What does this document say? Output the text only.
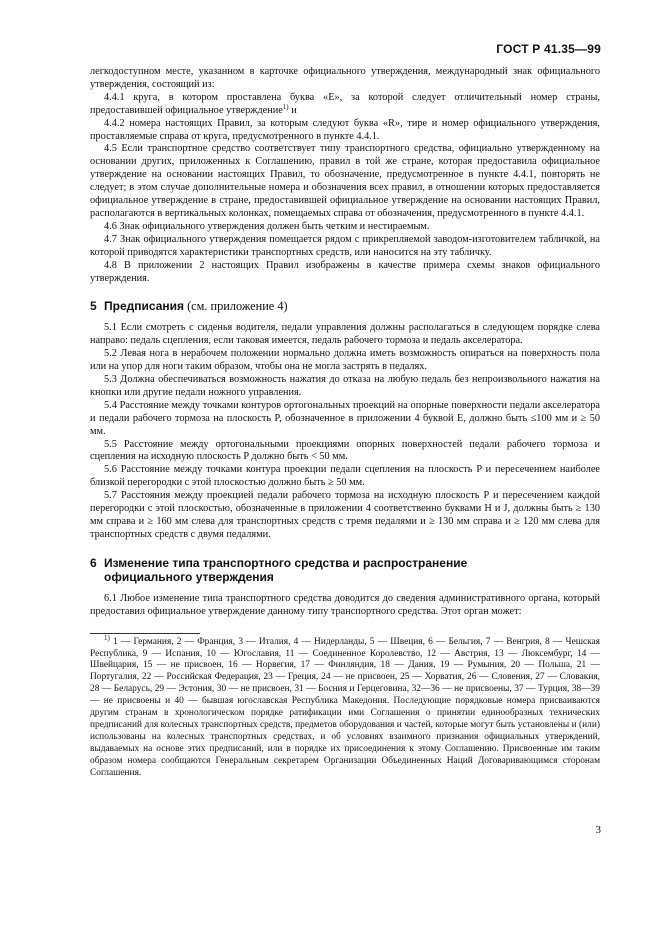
ГОСТ Р 41.35—99

легкодоступном месте, указанном в карточке официального утверждения, международный знак официального утверждения, состоящий из:

4.4.1 круга, в котором проставлена буква «E», за которой следует отличительный номер страны, предоставившей официальное утверждение$^{1)}$ и

4.4.2 номера настоящих Правил, за которым следуют буква «R», тире и номер официального утверждения, проставляемые справа от круга, предусмотренного в пункте 4.4.1.

4.5 Если транспортное средство соответствует типу транспортного средства, официально утвержденному на основании других, приложенных к Соглашению, правил в той же стране, которая предоставила официальное утверждение на основании настоящих Правил, то обозначение, предусмотренное в пункте 4.4.1, повторять не следует; в этом случае дополнительные номера и обозначения всех правил, в отношении которых предоставляется официальное утверждение в стране, предоставившей официальное утверждение на основании настоящих Правил, располагаются в вертикальных колонках, помещаемых справа от обозначения, предусмотренного в пункте 4.4.1.

4.6 Знак официального утверждения должен быть четким и нестираемым.

4.7 Знак официального утверждения помещается рядом с прикрепляемой заводом-изготовителем табличкой, на которой приводятся характеристики транспортных средств, или наносится на эту табличку.

4.8 В приложении 2 настоящих Правил изображены в качестве примера схемы знаков официального утверждения.

5 Предписания (см. приложение 4)

5.1 Если смотреть с сиденья водителя, педали управления должны располагаться в следующем порядке слева направо: педаль сцепления, если таковая имеется, педаль рабочего тормоза и педаль акселератора.

5.2 Левая нога в нерабочем положении нормально должна иметь возможность опираться на поверхность пола или на упор для ноги таким образом, чтобы она не могла застрять в педалях.

5.3 Должна обеспечиваться возможность нажатия до отказа на любую педаль без непроизвольного нажатия на кнопки или другие педали ножного управления.

5.4 Расстояние между точками контуров ортогональных проекций на опорные поверхности педали акселератора и педали рабочего тормоза на плоскость P, обозначенное в приложении 4 буквой E, должно быть ≤100 мм и ≥ 50 мм.

5.5 Расстояние между ортогональными проекциями опорных поверхностей педали рабочего тормоза и сцепления на исходную плоскость P должно быть < 50 мм.

5.6 Расстояние между точками контура проекции педали сцепления на плоскость P и пересечением наиболее близкой перегородки с этой плоскостью должно быть ≥ 50 мм.

5.7 Расстояния между проекцией педали рабочего тормоза на исходную плоскость P и пересечением каждой перегородки с этой плоскостью, обозначенные в приложении 4 соответственно буквами H и J, должны быть ≥ 130 мм справа и ≥ 160 мм слева для транспортных средств с тремя педалями и ≥ 130 мм справа и ≥ 120 мм слева для транспортных средств с двумя педалями.

6 Изменение типа транспортного средства и распространение
официального утверждения

6.1 Любое изменение типа транспортного средства доводится до сведения административного органа, который предоставил официальное утверждение данному типу транспортного средства. Этот орган может:

$^{1)}$ 1 — Германия, 2 — Франция, 3 — Италия, 4 — Нидерланды, 5 — Швеция, 6 — Бельгия, 7 — Венгрия, 8 — Чешская Республика, 9 — Испания, 10 — Югославия, 11 — Соединенное Королевство, 12 — Австрия, 13 — Люксембург, 14 — Швейцария, 15 — не присвоен, 16 — Норвегия, 17 — Финляндия, 18 — Дания, 19 — Румыния, 20 — Польша, 21 — Португалия, 22 — Российская Федерация, 23 — Греция, 24 — не присвоен, 25 — Хорватия, 26 — Словения, 27 — Словакия, 28 — Беларусь, 29 — Эстония, 30 — не присвоен, 31 — Босния и Герцеговина, 32—36 — не присвоены, 37 — Турция, 38—39 — не присвоены и 40 — бывшая югославская Республика Македония. Последующие порядковые номера присваиваются другим странам в хронологическом порядке ратификации ими Соглашения о принятии единообразных технических предписаний для колесных транспортных средств, предметов оборудования и частей, которые могут быть установлены и (или) использованы на колесных транспортных средствах, и об условиях взаимного признания официальных утверждений, выдаваемых на основе этих предписаний, или в порядке их присоединения к этому Соглашению. Присвоенные им таким образом номера сообщаются Генеральным секретарем Организации Объединенных Наций Договаривающимся сторонам Соглашения.

3
